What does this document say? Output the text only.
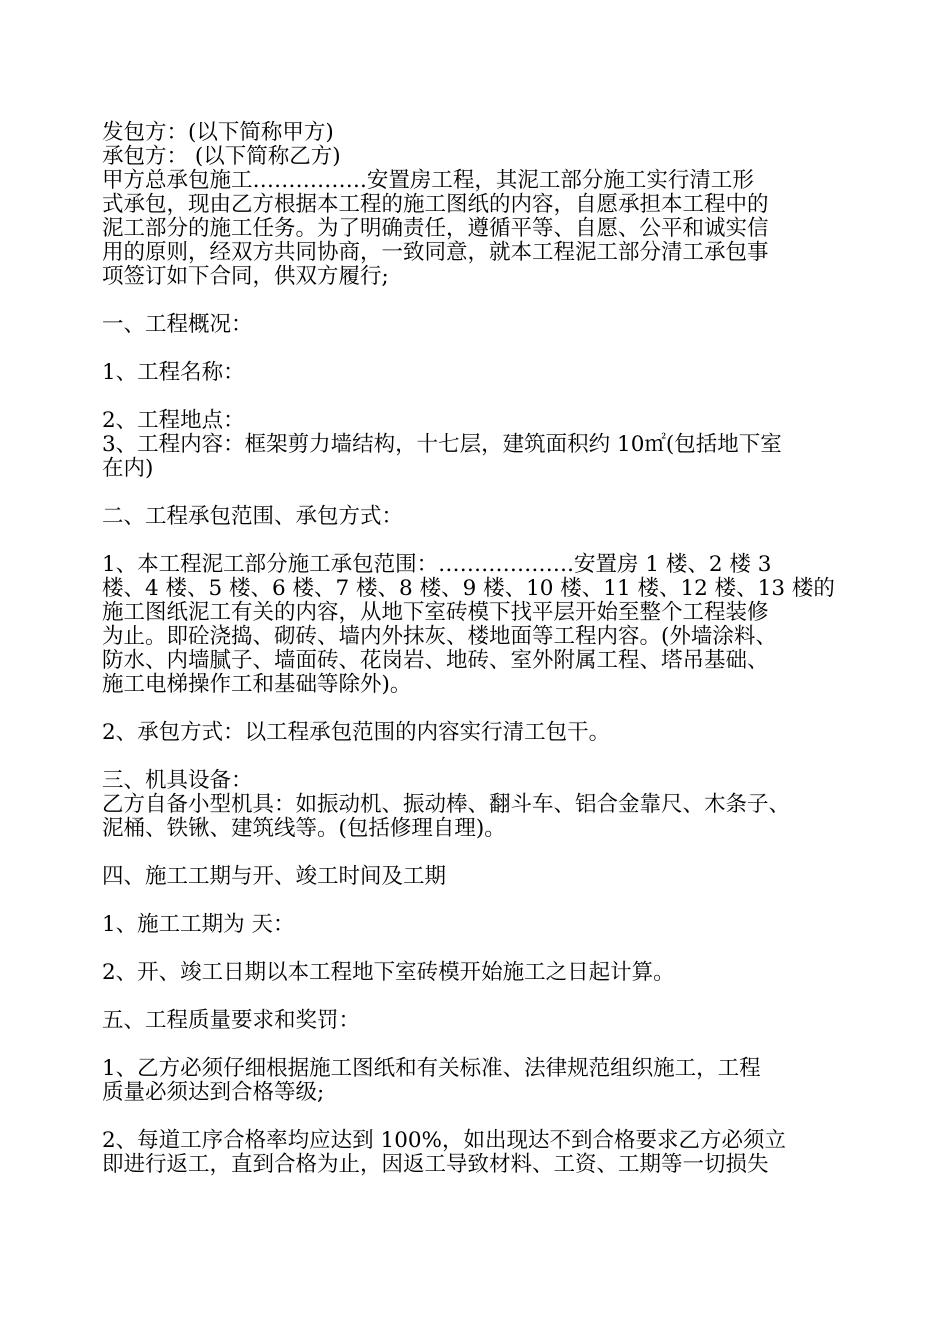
发包方：(以下简称甲方)
承包方： (以下简称乙方)
甲方总承包施工…………….安置房工程，其泥工部分施工实行清工形
式承包，现由乙方根据本工程的施工图纸的内容，自愿承担本工程中的
泥工部分的施工任务。为了明确责任，遵循平等、自愿、公平和诚实信
用的原则，经双方共同协商，一致同意，就本工程泥工部分清工承包事
项签订如下合同，供双方履行;
一、工程概况：
1、工程名称：
2、工程地点：
3、工程内容：框架剪力墙结构，十七层，建筑面积约 10㎡(包括地下室
在内)
二、工程承包范围、承包方式：
1、本工程泥工部分施工承包范围：……………….安置房 1 楼、2 楼 3
楼、4 楼、5 楼、6 楼、7 楼、8 楼、9 楼、10 楼、11 楼、12 楼、13 楼的
施工图纸泥工有关的内容，从地下室砖模下找平层开始至整个工程装修
为止。即砼浇捣、砌砖、墙内外抹灰、楼地面等工程内容。(外墙涂料、
防水、内墙腻子、墙面砖、花岗岩、地砖、室外附属工程、塔吊基础、
施工电梯操作工和基础等除外)。
2、承包方式：以工程承包范围的内容实行清工包干。
三、机具设备：
乙方自备小型机具：如振动机、振动棒、翻斗车、铝合金靠尺、木条子、
泥桶、铁锹、建筑线等。(包括修理自理)。
四、施工工期与开、竣工时间及工期
1、施工工期为 天：
2、开、竣工日期以本工程地下室砖模开始施工之日起计算。
五、工程质量要求和奖罚：
1、乙方必须仔细根据施工图纸和有关标准、法律规范组织施工，工程
质量必须达到合格等级;
2、每道工序合格率均应达到 100%，如出现达不到合格要求乙方必须立
即进行返工，直到合格为止，因返工导致材料、工资、工期等一切损失
